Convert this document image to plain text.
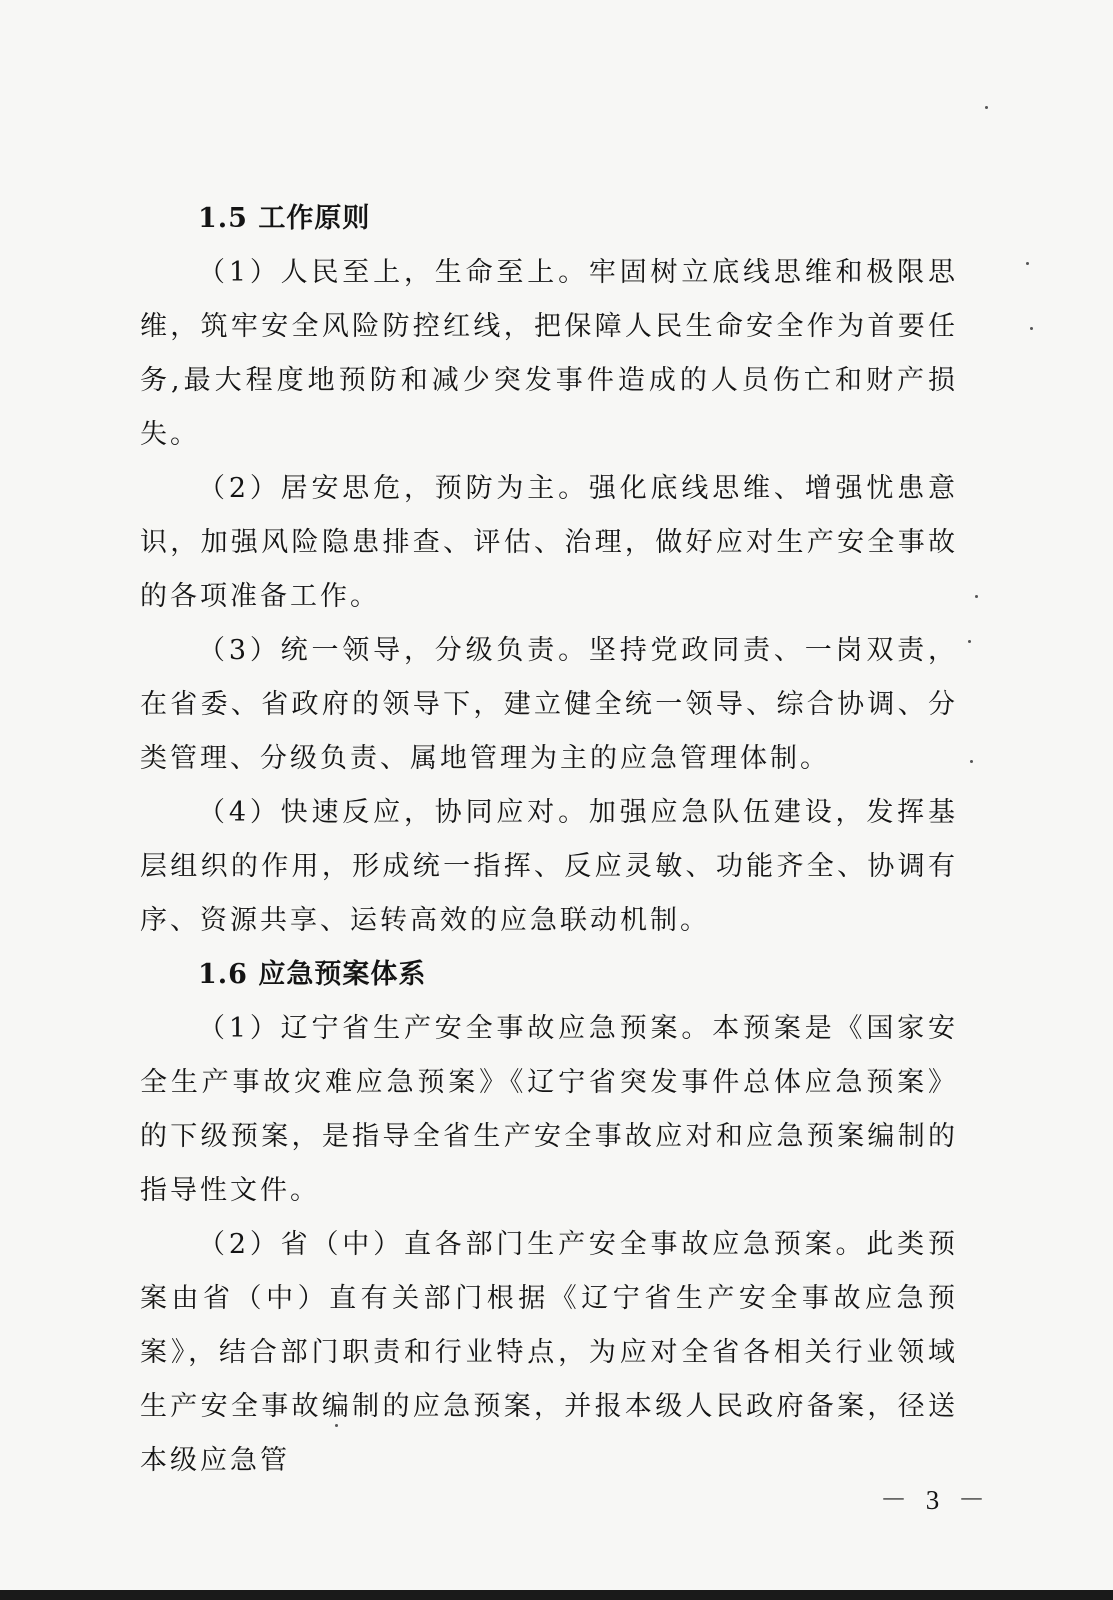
1.5 工作原则

（1）人民至上，生命至上。牢固树立底线思维和极限思维，筑牢安全风险防控红线，把保障人民生命安全作为首要任务,最大程度地预防和减少突发事件造成的人员伤亡和财产损失。

（2）居安思危，预防为主。强化底线思维、增强忧患意识，加强风险隐患排查、评估、治理，做好应对生产安全事故的各项准备工作。

（3）统一领导，分级负责。坚持党政同责、一岗双责，在省委、省政府的领导下，建立健全统一领导、综合协调、分类管理、分级负责、属地管理为主的应急管理体制。

（4）快速反应，协同应对。加强应急队伍建设，发挥基层组织的作用，形成统一指挥、反应灵敏、功能齐全、协调有序、资源共享、运转高效的应急联动机制。

1.6 应急预案体系

（1）辽宁省生产安全事故应急预案。本预案是《国家安全生产事故灾难应急预案》《辽宁省突发事件总体应急预案》的下级预案，是指导全省生产安全事故应对和应急预案编制的指导性文件。

（2）省（中）直各部门生产安全事故应急预案。此类预案由省（中）直有关部门根据《辽宁省生产安全事故应急预案》，结合部门职责和行业特点，为应对全省各相关行业领域生产安全事故编制的应急预案，并报本级人民政府备案，径送本级应急管

－ 3 －
